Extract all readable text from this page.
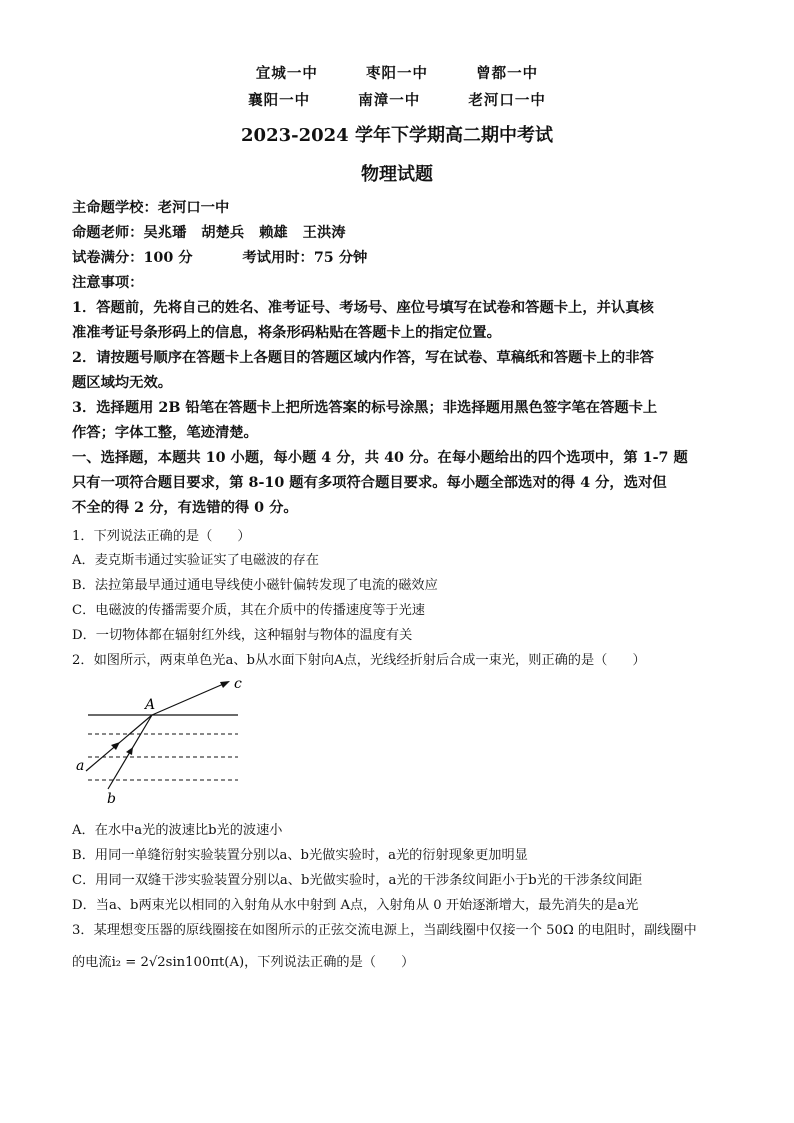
宜城一中   枣阳一中   曾都一中
襄阳一中   南漳一中   老河口一中
2023-2024 学年下学期高二期中考试
物理试题
主命题学校：老河口一中
命题老师：吴兆璠   胡楚兵   赖雄   王洪涛
试卷满分：100 分          考试用时：75 分钟
注意事项：
1．答题前，先将自己的姓名、准考证号、考场号、座位号填写在试卷和答题卡上，并认真核
准准考证号条形码上的信息，将条形码粘贴在答题卡上的指定位置。
2．请按题号顺序在答题卡上各题目的答题区域内作答，写在试卷、草稿纸和答题卡上的非答
题区域均无效。
3．选择题用 2B 铅笔在答题卡上把所选答案的标号涂黑；非选择题用黑色签字笔在答题卡上
作答；字体工整，笔迹清楚。
一、选择题，本题共 10 小题，每小题 4 分，共 40 分。在每小题给出的四个选项中，第 1-7 题
只有一项符合题目要求，第 8-10 题有多项符合题目要求。每小题全部选对的得 4 分，选对但
不全的得 2 分，有选错的得 0 分。
1．下列说法正确的是（      ）
A．麦克斯韦通过实验证实了电磁波的存在
B．法拉第最早通过通电导线使小磁针偏转发现了电流的磁效应
C．电磁波的传播需要介质，其在介质中的传播速度等于光速
D．一切物体都在辐射红外线，这种辐射与物体的温度有关
2．如图所示，两束单色光a、b从水面下射向A点，光线经折射后合成一束光，则正确的是（      ）
A
c
a
b
A．在水中a光的波速比b光的波速小
B．用同一单缝衍射实验装置分别以a、b光做实验时，a光的衍射现象更加明显
C．用同一双缝干涉实验装置分别以a、b光做实验时，a光的干涉条纹间距小于b光的干涉条纹间距
D．当a、b两束光以相同的入射角从水中射到 A点，入射角从 0 开始逐渐增大，最先消失的是a光
3．某理想变压器的原线圈接在如图所示的正弦交流电源上，当副线圈中仅接一个 50Ω 的电阻时，副线圈中
的电流i₂ = 2√2sin100πt(A)，下列说法正确的是（      ）
